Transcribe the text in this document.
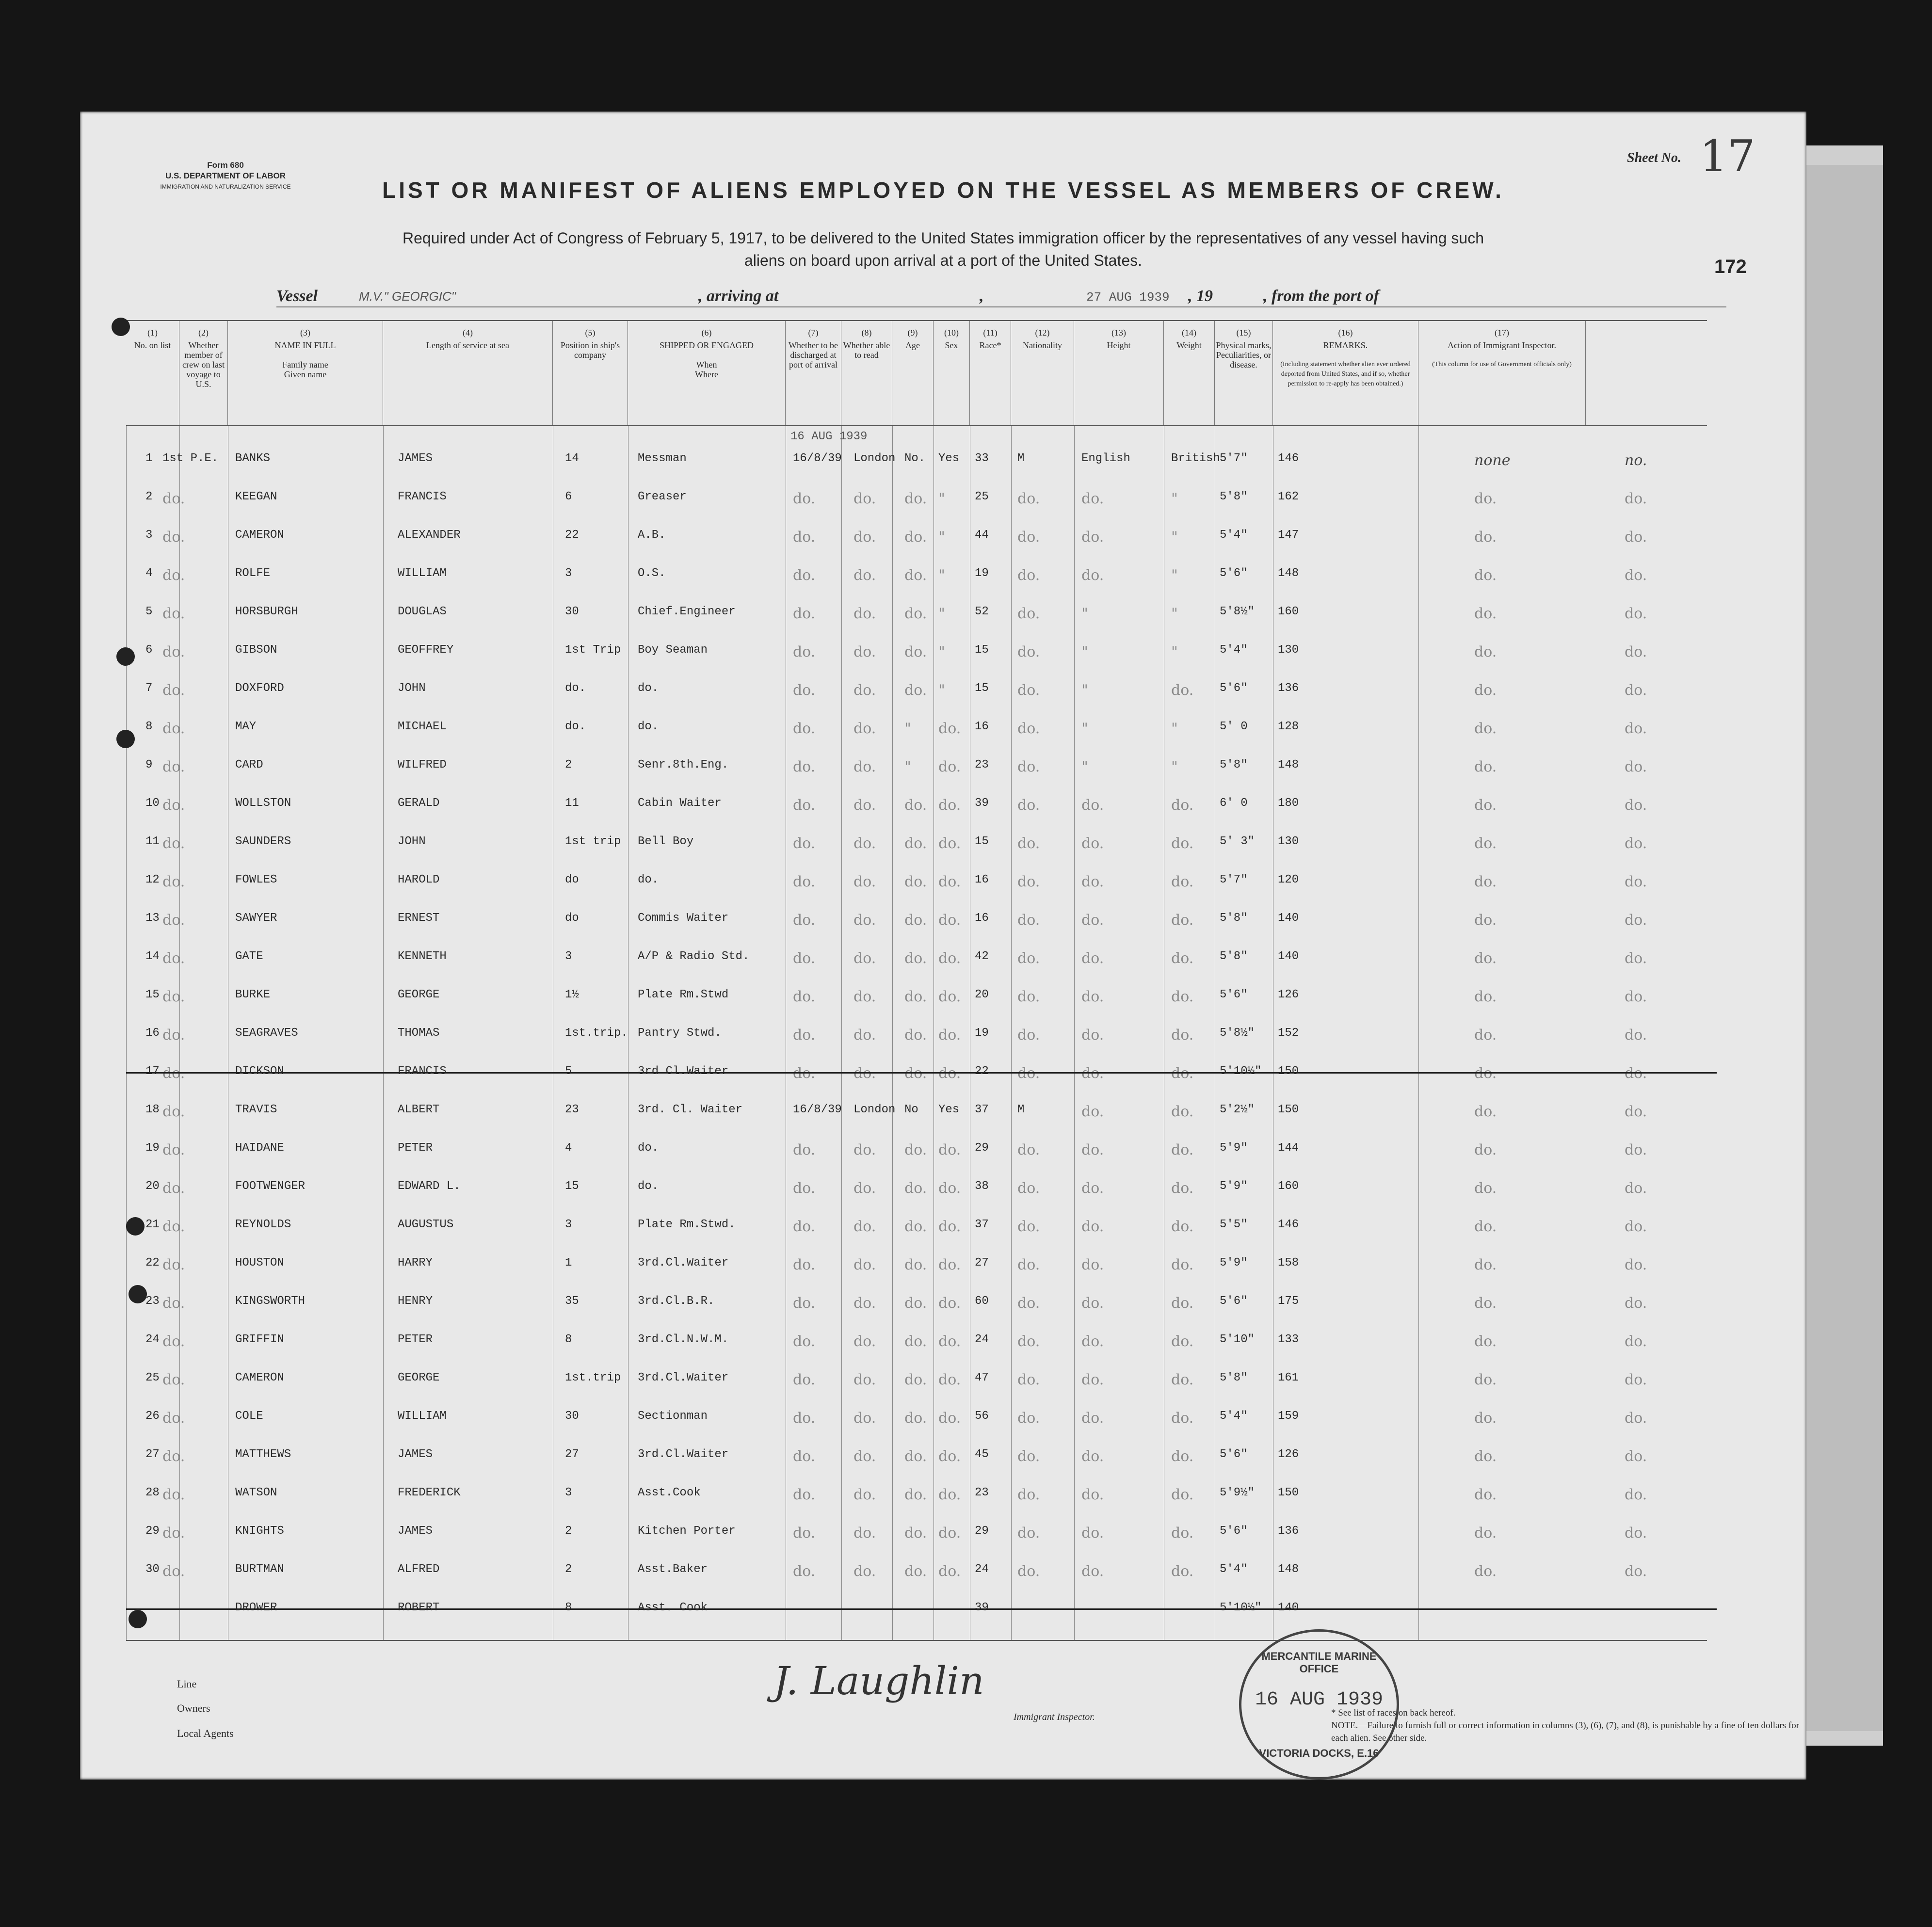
Form 680
U.S. DEPARTMENT OF LABOR
IMMIGRATION AND NATURALIZATION SERVICE
Sheet No. 17
LIST OR MANIFEST OF ALIENS EMPLOYED ON THE VESSEL AS MEMBERS OF CREW.
Required under Act of Congress of February 5, 1917, to be delivered to the United States immigration officer by the representatives of any vessel having such
aliens on board upon arrival at a port of the United States.	172
Vessel	M.V." GEORGIC"	, arriving at	,	27 AUG 1939 , 19	, from the port of
(1)
No. on list
(2)
Whether member of crew on last voyage to U.S.
(3)
NAME IN FULL
Family name
Given name
(4)
Length of service at sea
(5)
Position in ship's company
(6)
SHIPPED OR ENGAGED
When
Where
(7)
Whether to be discharged at port of arrival
(8)
Whether able to read
(9)
Age
(10)
Sex
(11)
Race*
(12)
Nationality
(13)
Height
(14)
Weight
(15)
Physical marks, Peculiarities, or disease.
(16)
REMARKS.
(Including statement whether alien ever ordered deported from United States, and if so, whether permission to re-apply has been obtained.)
(17)
Action of Immigrant Inspector.
(This column for use of Government officials only)
16 AUG 1939
1 1st P.E. BANKS	JAMES	14	Messman	16/8/39 London No. Yes 33 M	English	British 5'7"	146	none	no.
2 do.	KEEGAN	FRANCIS	6	Greaser	do.	do. do. "	25 do.	do.	"	5'8"	162	do.	do.
3 do.	CAMERON	ALEXANDER	22	A.B.	do.	do. do. "	44 do.	do.	"	5'4"	147	do.	do.
4 do.	ROLFE	WILLIAM	3	O.S.	do.	do. do. "	19 do.	do.	"	5'6"	148	do.	do.
5 do.	HORSBURGH	DOUGLAS	30	Chief.Engineer	do.	do. do. "	52 do.	"	"	5'8½" 160	do.	do.
6 do.	GIBSON	GEOFFREY	1st Trip Boy Seaman	do.	do. do. "	15 do.	"	"	5'4"	130	do.	do.
7 do.	DOXFORD	JOHN	do.	do.	do.	do. do. "	15 do.	"	do. 5'6"	136	do.	do.
8 do.	MAY	MICHAEL	do.	do.	do.	do. " do. 16 do.	"	"	5' 0	128	do.	do.
9 do.	CARD	WILFRED	2	Senr.8th.Eng.	do.	do. " do. 23 do.	"	"	5'8"	148	do.	do.
10 do.	WOLLSTON	GERALD	11	Cabin Waiter	do.	do. do. do. 39 do.	do.	do. 6' 0	180	do.	do.
11 do.	SAUNDERS	JOHN	1st trip Bell Boy	do.	do. do. do. 15 do.	do.	do. 5' 3" 130	do.	do.
12 do.	FOWLES	HAROLD	do	do.	do.	do. do. do. 16 do.	do.	do. 5'7"	120	do.	do.
13 do.	SAWYER	ERNEST	do	Commis Waiter	do.	do. do. do. 16 do.	do.	do. 5'8"	140	do.	do.
14 do.	GATE	KENNETH	3	A/P & Radio Std.	do.	do. do. do. 42 do.	do.	do. 5'8"	140	do.	do.
15 do.	BURKE	GEORGE	1½	Plate Rm.Stwd	do.	do. do. do. 20 do.	do.	do. 5'6"	126	do.	do.
16 do.	SEAGRAVES	THOMAS	1st.trip. Pantry Stwd.	do.	do. do. do. 19 do.	do.	do. 5'8½" 152	do.	do.
17 do.	DICKSON	FRANCIS	5	3rd Cl.Waiter	do.	do. do. do. 22 do.	do.	do. 5'10½" 150	do.	do.
18 do.	TRAVIS	ALBERT	23	3rd. Cl. Waiter	16/8/39 London No Yes 37 M	do.	do. 5'2½" 150	do.	do.
19 do.	HAIDANE	PETER	4	do.	do.	do. do. do. 29 do.	do.	do. 5'9"	144	do.	do.
20 do.	FOOTWENGER	EDWARD L.	15	do.	do.	do. do. do. 38 do.	do.	do. 5'9"	160	do.	do.
21 do.	REYNOLDS	AUGUSTUS	3	Plate Rm.Stwd.	do.	do. do. do. 37 do.	do.	do. 5'5"	146	do.	do.
22 do.	HOUSTON	HARRY	1	3rd.Cl.Waiter	do.	do. do. do. 27 do.	do.	do. 5'9"	158	do.	do.
23 do.	KINGSWORTH	HENRY	35	3rd.Cl.B.R.	do.	do. do. do. 60 do.	do.	do. 5'6"	175	do.	do.
24 do.	GRIFFIN	PETER	8	3rd.Cl.N.W.M.	do.	do. do. do. 24 do.	do.	do. 5'10" 133	do.	do.
25 do.	CAMERON	GEORGE	1st.trip 3rd.Cl.Waiter	do.	do. do. do. 47 do.	do.	do. 5'8"	161	do.	do.
26 do.	COLE	WILLIAM	30	Sectionman	do.	do. do. do. 56 do.	do.	do. 5'4"	159	do.	do.
27 do.	MATTHEWS	JAMES	27	3rd.Cl.Waiter	do.	do. do. do. 45 do.	do.	do. 5'6"	126	do.	do.
28 do.	WATSON	FREDERICK	3	Asst.Cook	do.	do. do. do. 23 do.	do.	do. 5'9½" 150	do.	do.
29 do.	KNIGHTS	JAMES	2	Kitchen Porter	do.	do. do. do. 29 do.	do.	do. 5'6"	136	do.	do.
30 do.	BURTMAN	ALFRED	2	Asst.Baker	do.	do. do. do. 24 do.	do.	do. 5'4"	148	do.	do.
DROWER	ROBERT	8	Asst. Cook	39	5'10½" 140
Line
Owners
Local Agents
J. Laughlin
Immigrant Inspector.
MERCANTILE MARINE OFFICE
16 AUG 1939
VICTORIA DOCKS, E.16
* See list of races on back hereof.
NOTE.—Failure to furnish full or correct information in columns (3), (6), (7), and (8), is punishable by a fine of ten dollars for each alien. See other side.
